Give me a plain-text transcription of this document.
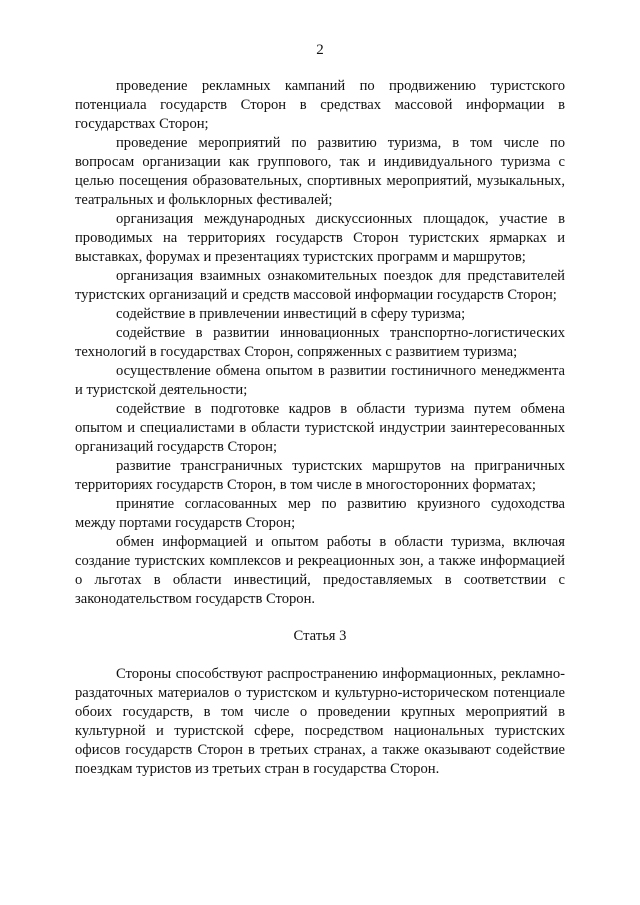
2

проведение рекламных кампаний по продвижению туристского потенциала государств Сторон в средствах массовой информации в государствах Сторон;

проведение мероприятий по развитию туризма, в том числе по вопросам организации как группового, так и индивидуального туризма с целью посещения образовательных, спортивных мероприятий, музыкальных, театральных и фольклорных фестивалей;

организация международных дискуссионных площадок, участие в проводимых на территориях государств Сторон туристских ярмарках и выставках, форумах и презентациях туристских программ и маршрутов;

организация взаимных ознакомительных поездок для представителей туристских организаций и средств массовой информации государств Сторон;

содействие в привлечении инвестиций в сферу туризма;

содействие в развитии инновационных транспортно-логистических технологий в государствах Сторон, сопряженных с развитием туризма;

осуществление обмена опытом в развитии гостиничного менеджмента и туристской деятельности;

содействие в подготовке кадров в области туризма путем обмена опытом и специалистами в области туристской индустрии заинтересованных организаций государств Сторон;

развитие трансграничных туристских маршрутов на приграничных территориях государств Сторон, в том числе в многосторонних форматах;

принятие согласованных мер по развитию круизного судоходства между портами государств Сторон;

обмен информацией и опытом работы в области туризма, включая создание туристских комплексов и рекреационных зон, а также информацией о льготах в области инвестиций, предоставляемых в соответствии с законодательством государств Сторон.

Статья 3

Стороны способствуют распространению информационных, рекламно-раздаточных материалов о туристском и культурно-историческом потенциале обоих государств, в том числе о проведении крупных мероприятий в культурной и туристской сфере, посредством национальных туристских офисов государств Сторон в третьих странах, а также оказывают содействие поездкам туристов из третьих стран в государства Сторон.
